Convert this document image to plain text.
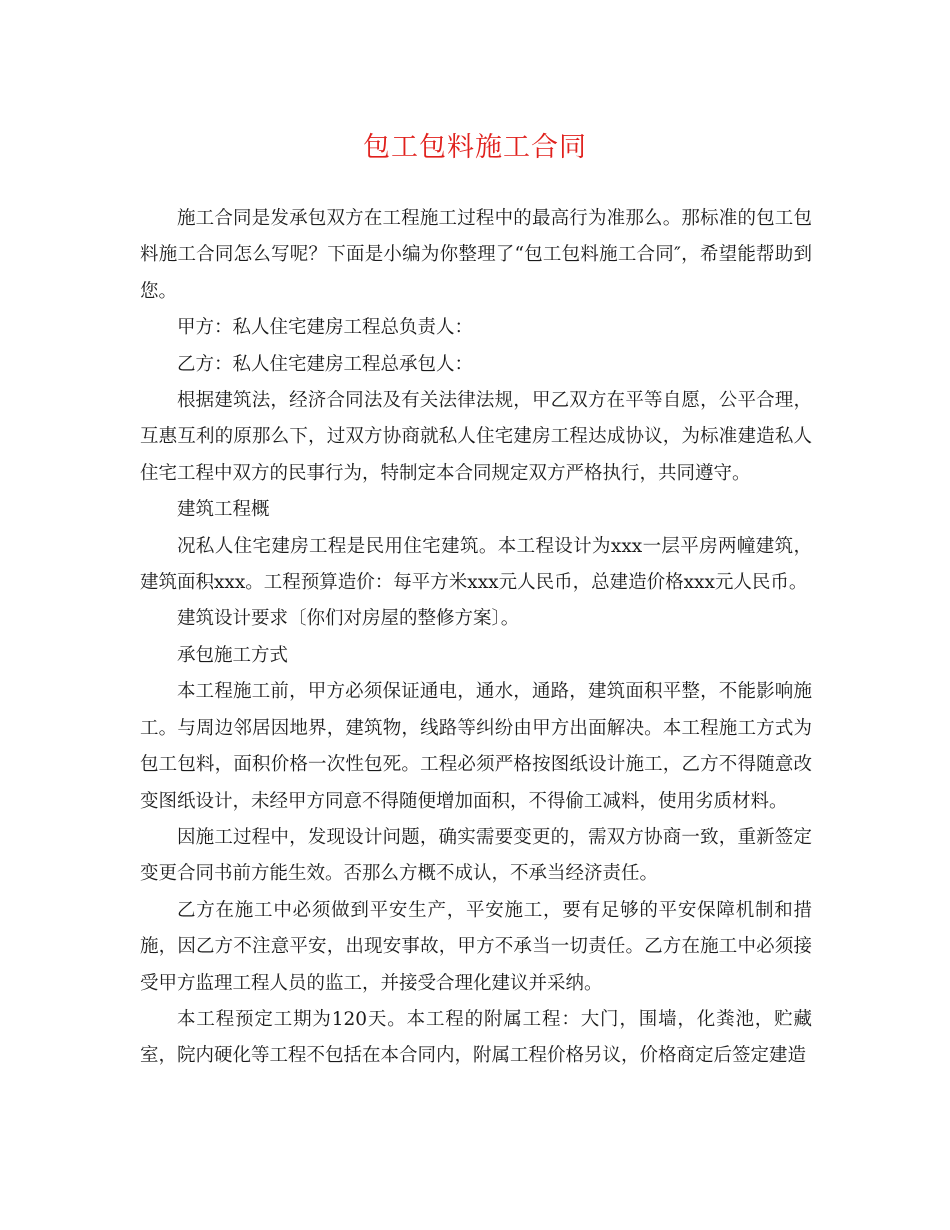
包工包料施工合同

施工合同是发承包双方在工程施工过程中的最高行为准那么。那标准的包工包料施工合同怎么写呢？下面是小编为你整理了“包工包料施工合同″，希望能帮助到您。

甲方：私人住宅建房工程总负责人：

乙方：私人住宅建房工程总承包人：

根据建筑法，经济合同法及有关法律法规，甲乙双方在平等自愿，公平合理，互惠互利的原那么下，过双方协商就私人住宅建房工程达成协议，为标准建造私人住宅工程中双方的民事行为，特制定本合同规定双方严格执行，共同遵守。

建筑工程概

况私人住宅建房工程是民用住宅建筑。本工程设计为xxx一层平房两幢建筑，建筑面积xxx。工程预算造价：每平方米xxx元人民币，总建造价格xxx元人民币。

建筑设计要求〔你们对房屋的整修方案〕。

承包施工方式

本工程施工前，甲方必须保证通电，通水，通路，建筑面积平整，不能影响施工。与周边邻居因地界，建筑物，线路等纠纷由甲方出面解决。本工程施工方式为包工包料，面积价格一次性包死。工程必须严格按图纸设计施工，乙方不得随意改变图纸设计，未经甲方同意不得随便增加面积，不得偷工减料，使用劣质材料。

因施工过程中，发现设计问题，确实需要变更的，需双方协商一致，重新签定变更合同书前方能生效。否那么方概不成认，不承当经济责任。

乙方在施工中必须做到平安生产，平安施工，要有足够的平安保障机制和措施，因乙方不注意平安，出现安事故，甲方不承当一切责任。乙方在施工中必须接受甲方监理工程人员的监工，并接受合理化建议并采纳。

本工程预定工期为120天。本工程的附属工程：大门，围墙，化粪池，贮藏室，院内硬化等工程不包括在本合同内，附属工程价格另议，价格商定后签定建造
